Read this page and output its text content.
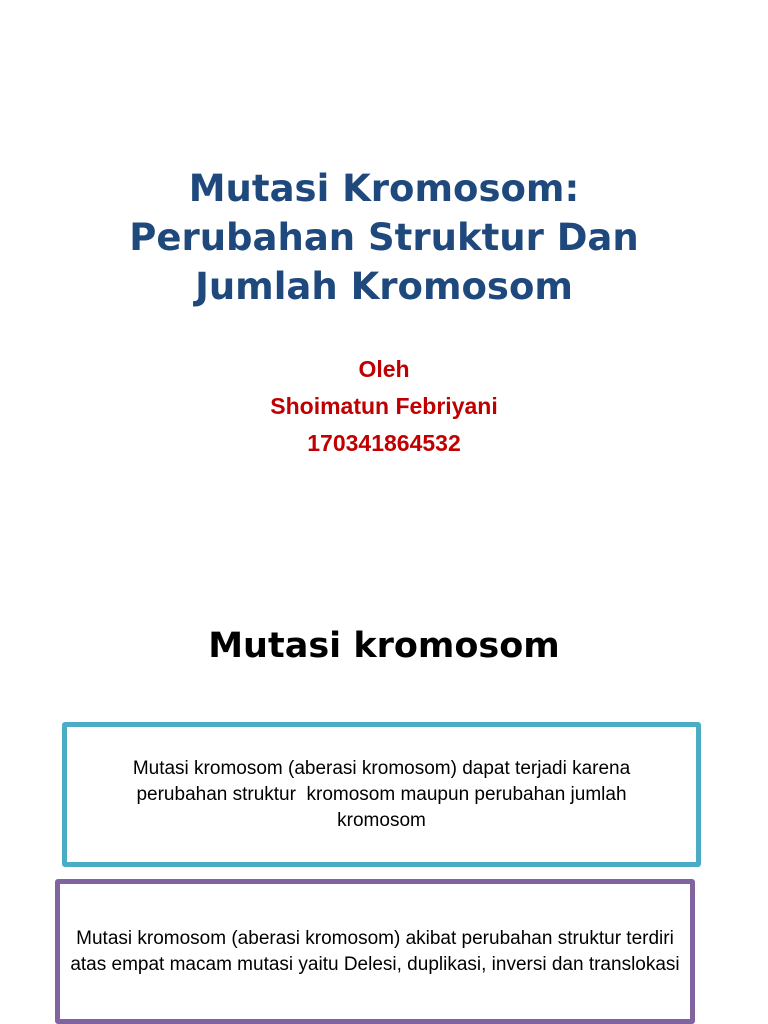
Mutasi Kromosom:
Perubahan Struktur Dan
Jumlah Kromosom
Oleh
Shoimatun Febriyani
170341864532
Mutasi kromosom

Mutasi kromosom (aberasi kromosom) dapat terjadi karena perubahan struktur  kromosom maupun perubahan jumlah kromosom

Mutasi kromosom (aberasi kromosom) akibat perubahan struktur terdiri atas empat macam mutasi yaitu Delesi, duplikasi, inversi dan translokasi
